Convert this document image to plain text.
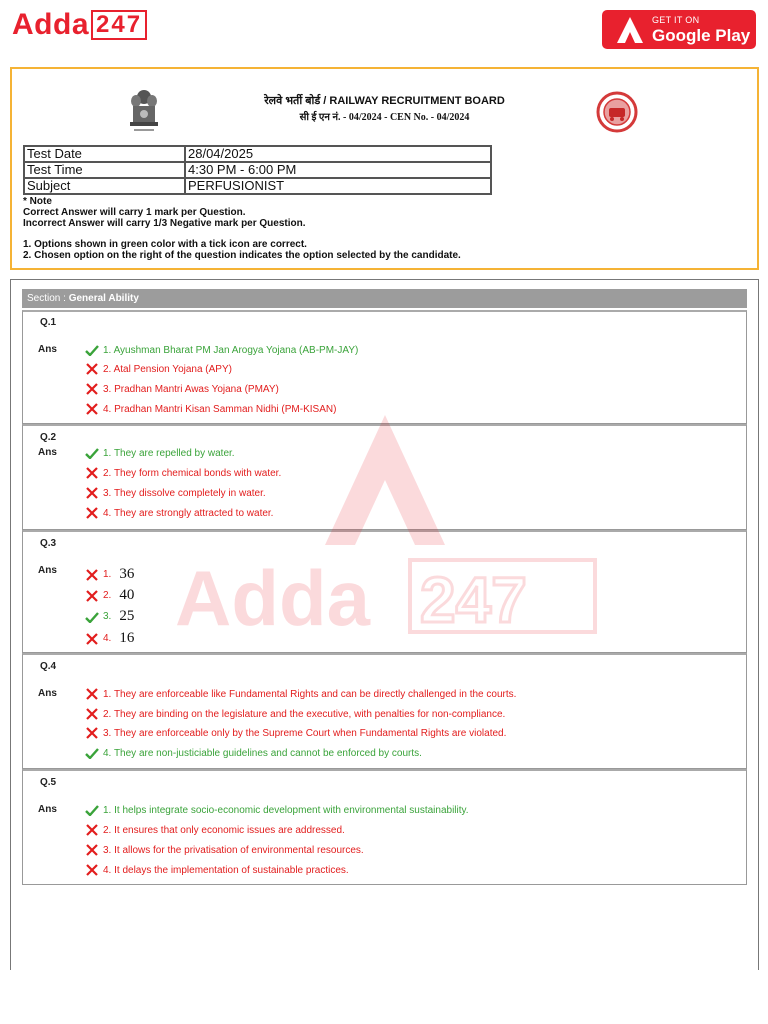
Adda 247	GET IT ON
Google Play
रेलवे भर्ती बोर्ड / RAILWAY RECRUITMENT BOARD
सी ई एन नं. - 04/2024 - CEN No. - 04/2024
Test Date	28/04/2025
Test Time	4:30 PM - 6:00 PM
Subject	PERFUSIONIST
* Note
Correct Answer will carry 1 mark per Question.
Incorrect Answer will carry 1/3 Negative mark per Question.
1. Options shown in green color with a tick icon are correct.
2. Chosen option on the right of the question indicates the option selected by the candidate.
Section : General Ability
Q.1
Ans	1. Ayushman Bharat PM Jan Arogya Yojana (AB-PM-JAY)
2. Atal Pension Yojana (APY)
3. Pradhan Mantri Awas Yojana (PMAY)
4. Pradhan Mantri Kisan Samman Nidhi (PM-KISAN)
Q.2
Ans	1. They are repelled by water.
2. They form chemical bonds with water.
3. They dissolve completely in water.
4. They are strongly attracted to water.
Q.3
Ans	1. 36
2. 40
3. 25
4. 16
Q.4
Ans	1. They are enforceable like Fundamental Rights and can be directly challenged in the courts.
2. They are binding on the legislature and the executive, with penalties for non-compliance.
3. They are enforceable only by the Supreme Court when Fundamental Rights are violated.
4. They are non-justiciable guidelines and cannot be enforced by courts.
Q.5
Ans	1. It helps integrate socio-economic development with environmental sustainability.
2. It ensures that only economic issues are addressed.
3. It allows for the privatisation of environmental resources.
4. It delays the implementation of sustainable practices.
